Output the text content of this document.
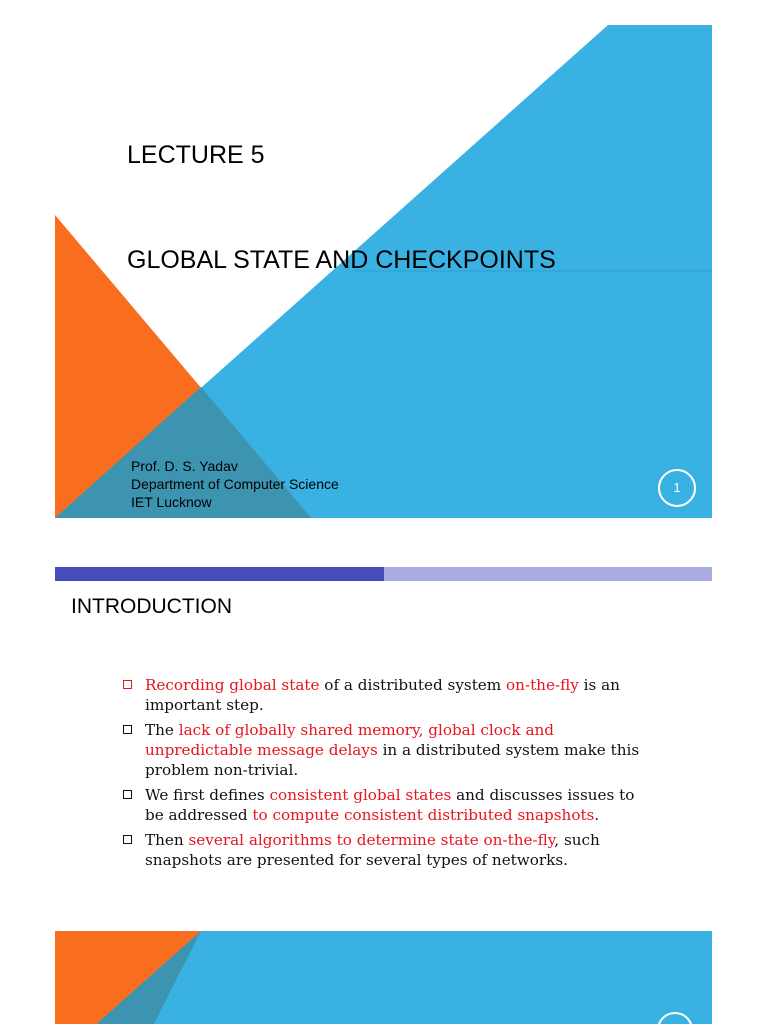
LECTURE 5
GLOBAL STATE AND CHECKPOINTS
Prof. D. S. Yadav
Department of Computer Science
IET Lucknow
1
INTRODUCTION
Recording global state of a distributed system on-the-fly is an important step.
The lack of globally shared memory, global clock and unpredictable message delays in a distributed system make this problem non-trivial.
We first defines consistent global states and discusses issues to be addressed to compute consistent distributed snapshots.
Then several algorithms to determine state on-the-fly, such snapshots are presented for several types of networks.
